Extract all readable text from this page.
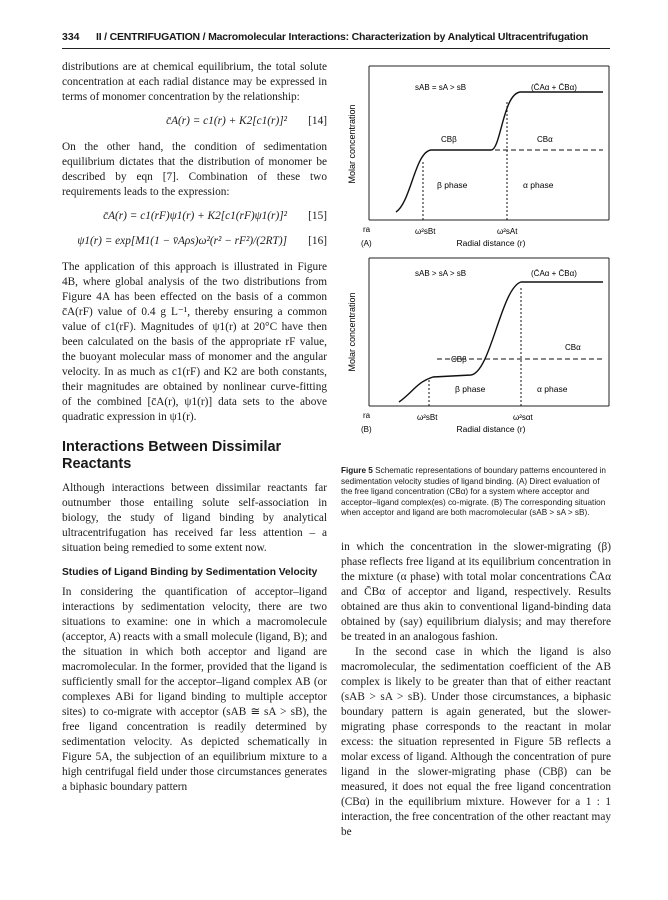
334 II / CENTRIFUGATION / Macromolecular Interactions: Characterization by Analytical Ultracentrifugation

distributions are at chemical equilibrium, the total solute concentration at each radial distance may be expressed in terms of monomer concentration by the relationship:

c̄A(r) = c1(r) + K2[c1(r)]² [14]

On the other hand, the condition of sedimentation equilibrium dictates that the distribution of monomer be described by eqn [7]. Combination of these two requirements leads to the expression:

c̄A(r) = c1(rF)ψ1(r) + K2[c1(rF)ψ1(r)]² [15]
ψ1(r) = exp[M1(1 − v̄Aρs)ω²(r² − rF²)/(2RT)] [16]

The application of this approach is illustrated in Figure 4B, where global analysis of the two distributions from Figure 4A has been effected on the basis of a common c̄A(rF) value of 0.4 g L⁻¹, thereby ensuring a common value of c1(rF). Magnitudes of ψ1(r) at 20°C have then been calculated on the basis of the appropriate rF value, the buoyant molecular mass of monomer and the angular velocity. In as much as c1(rF) and K2 are both constants, their magnitudes are obtained by nonlinear curve-fitting of the combined [c̄A(r), ψ1(r)] data sets to the above quadratic expression in ψ1(r).

Interactions Between Dissimilar Reactants

Although interactions between dissimilar reactants far outnumber those entailing solute self-association in biology, the study of ligand binding by analytical ultracentrifugation has received far less attention – a situation being remedied to some extent now.

Studies of Ligand Binding by Sedimentation Velocity

In considering the quantification of acceptor–ligand interactions by sedimentation velocity, there are two situations to examine: one in which a macromolecule (acceptor, A) reacts with a small molecule (ligand, B); and the situation in which both acceptor and ligand are macromolecular. In the former, provided that the ligand is sufficiently small for the acceptor–ligand complex AB (or complexes ABi for ligand binding to multiple acceptor sites) to co-migrate with acceptor (sAB ≅ sA > sB), the free ligand concentration is readily determined by sedimentation velocity. As depicted schematically in Figure 5A, the subjection of an equilibrium mixture to a high centrifugal field under those circumstances generates a biphasic boundary pattern

Molar concentration
sAB = sA > sB	(C̄Aα + C̄Bα)
CBβ	CBα
β phase	α phase
ra	ω²sBt	ω²sAt
(A)	Radial distance (r)
Molar concentration
sAB > sA > sB	(C̄Aα + C̄Bα)
CBβ
CBα
β phase	α phase
ra	ω²sBt	ω²sαt
(B)	Radial distance (r)
Figure 5 Schematic representations of boundary patterns encountered in sedimentation velocity studies of ligand binding. (A) Direct evaluation of the free ligand concentration (CBα) for a system where acceptor and acceptor–ligand complex(es) co-migrate. (B) The corresponding situation when acceptor and ligand are both macromolecular (sAB > sA > sB).

in which the concentration in the slower-migrating (β) phase reflects free ligand at its equilibrium concentration in the mixture (α phase) with total molar concentrations C̄Aα and C̄Bα of acceptor and ligand, respectively. Results obtained are thus akin to conventional ligand-binding data obtained by (say) equilibrium dialysis; and may therefore be treated in an analogous fashion.

In the second case in which the ligand is also macromolecular, the sedimentation coefficient of the AB complex is likely to be greater than that of either reactant (sAB > sA > sB). Under those circumstances, a biphasic boundary pattern is again generated, but the slower-migrating phase corresponds to the reactant in molar excess: the situation represented in Figure 5B reflects a molar excess of ligand. Although the concentration of pure ligand in the slower-migrating phase (CBβ) can be measured, it does not equal the free ligand concentration (CBα) in the equilibrium mixture. However for a 1 : 1 interaction, the free concentration of the other reactant may be
